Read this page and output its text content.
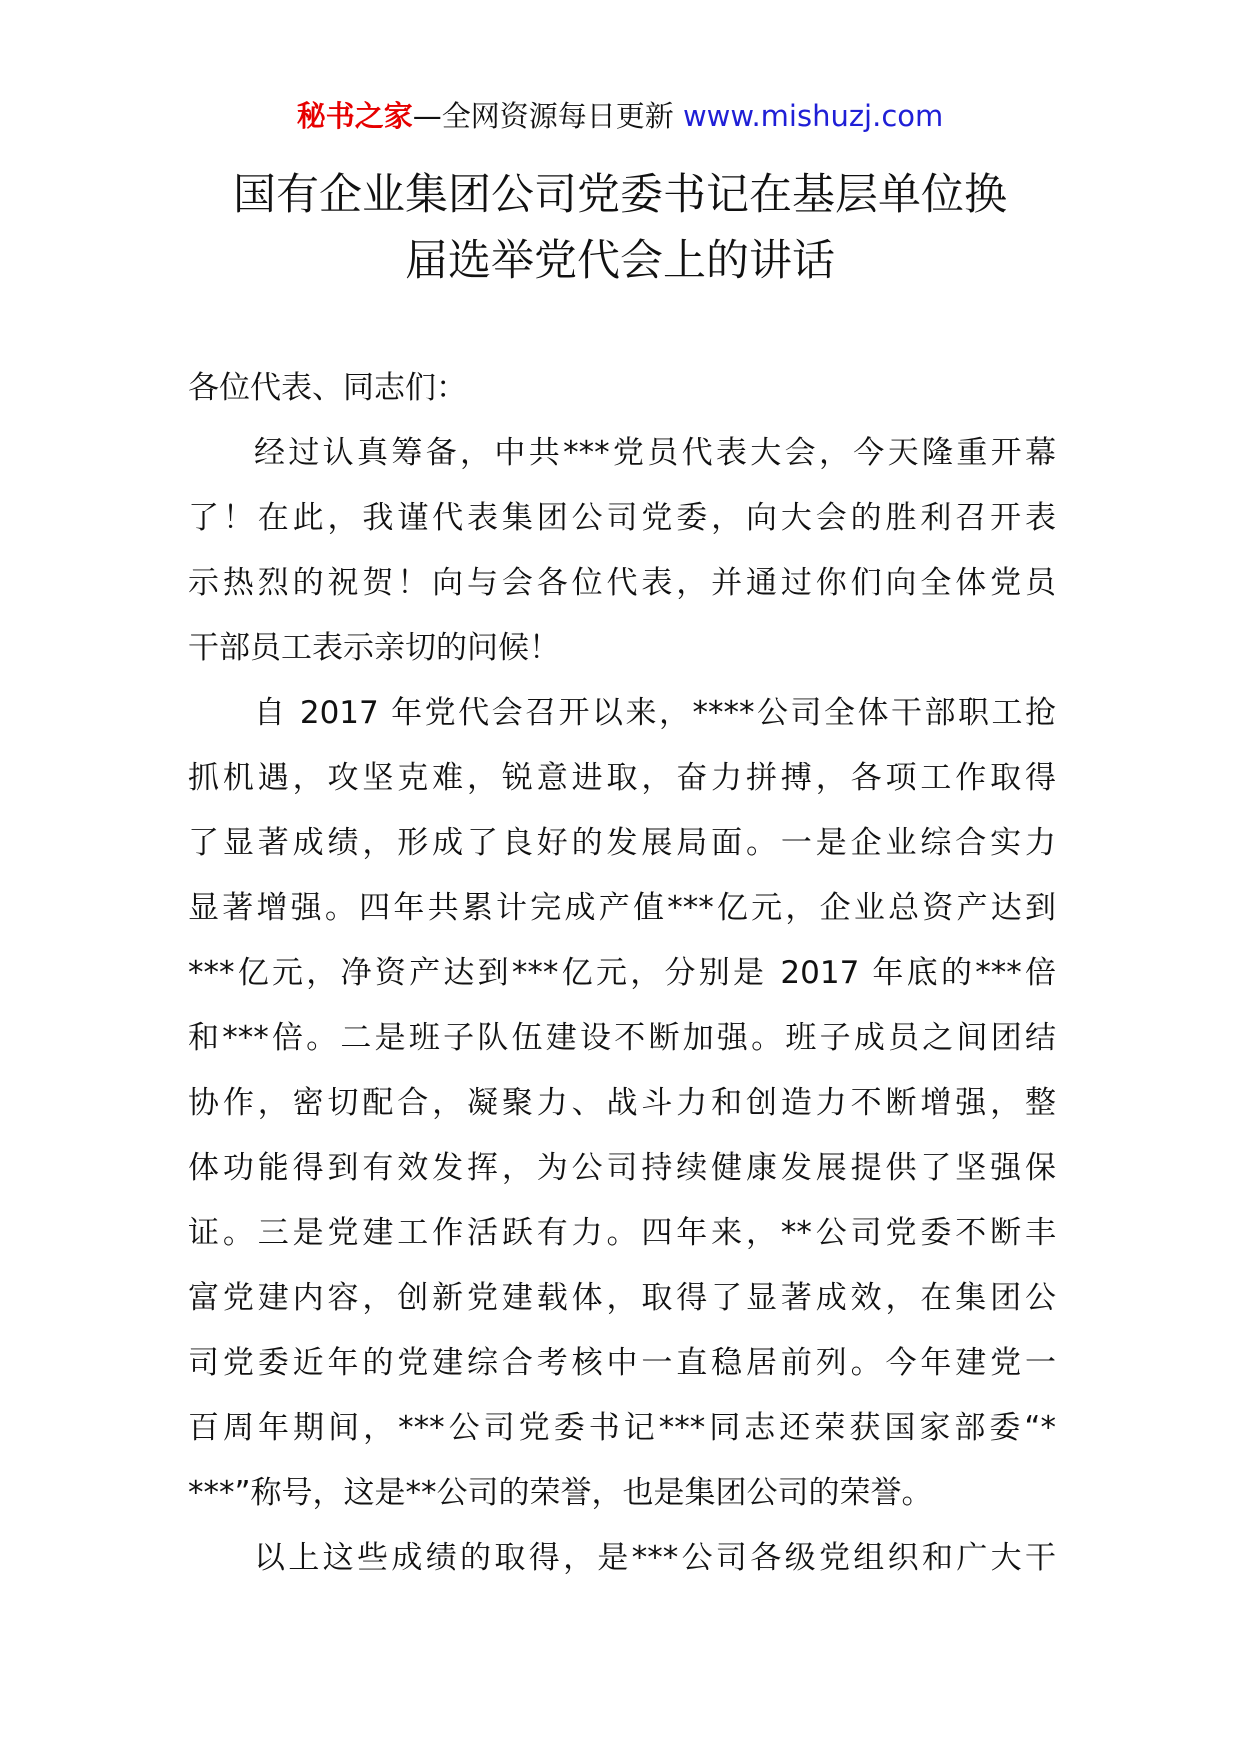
秘书之家—全网资源每日更新 www.mishuzj.com
国有企业集团公司党委书记在基层单位换
届选举党代会上的讲话
各位代表、同志们：
经过认真筹备，中共***党员代表大会，今天隆重开幕
了！在此，我谨代表集团公司党委，向大会的胜利召开表
示热烈的祝贺！向与会各位代表，并通过你们向全体党员
干部员工表示亲切的问候！
自 2017 年党代会召开以来，****公司全体干部职工抢
抓机遇，攻坚克难，锐意进取，奋力拼搏，各项工作取得
了显著成绩，形成了良好的发展局面。一是企业综合实力
显著增强。四年共累计完成产值***亿元，企业总资产达到
***亿元，净资产达到***亿元，分别是 2017 年底的***倍
和***倍。二是班子队伍建设不断加强。班子成员之间团结
协作，密切配合，凝聚力、战斗力和创造力不断增强，整
体功能得到有效发挥，为公司持续健康发展提供了坚强保
证。三是党建工作活跃有力。四年来，**公司党委不断丰
富党建内容，创新党建载体，取得了显著成效，在集团公
司党委近年的党建综合考核中一直稳居前列。今年建党一
百周年期间，***公司党委书记***同志还荣获国家部委“*
***”称号，这是**公司的荣誉，也是集团公司的荣誉。
以上这些成绩的取得，是***公司各级党组织和广大干
